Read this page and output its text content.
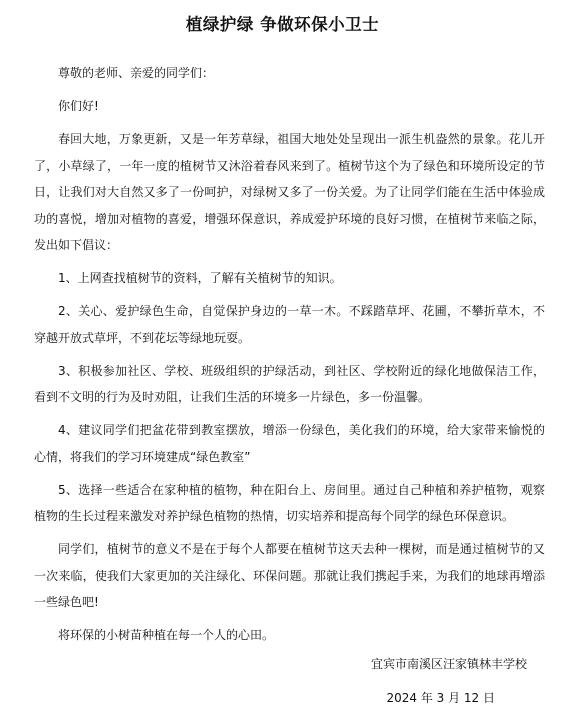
植绿护绿 争做环保小卫士

尊敬的老师、亲爱的同学们：

你们好!

春回大地，万象更新，又是一年芳草绿，祖国大地处处呈现出一派生机盎然的景象。花儿开了，小草绿了，一年一度的植树节又沐浴着春风来到了。植树节这个为了绿色和环境所设定的节日，让我们对大自然又多了一份呵护，对绿树又多了一份关爱。为了让同学们能在生活中体验成功的喜悦，增加对植物的喜爱，增强环保意识，养成爱护环境的良好习惯，在植树节来临之际，发出如下倡议：

1、上网查找植树节的资料，了解有关植树节的知识。

2、关心、爱护绿色生命，自觉保护身边的一草一木。不踩踏草坪、花圃，不攀折草木，不穿越开放式草坪，不到花坛等绿地玩耍。

3、积极参加社区、学校、班级组织的护绿活动，到社区、学校附近的绿化地做保洁工作，看到不文明的行为及时劝阻，让我们生活的环境多一片绿色，多一份温馨。

4、建议同学们把盆花带到教室摆放，增添一份绿色，美化我们的环境，给大家带来愉悦的心情，将我们的学习环境建成“绿色教室”

5、选择一些适合在家种植的植物，种在阳台上、房间里。通过自己种植和养护植物，观察植物的生长过程来激发对养护绿色植物的热情，切实培养和提高每个同学的绿色环保意识。

同学们，植树节的意义不是在于每个人都要在植树节这天去种一棵树，而是通过植树节的又一次来临，使我们大家更加的关注绿化、环保问题。那就让我们携起手来，为我们的地球再增添一些绿色吧!

将环保的小树苗种植在每一个人的心田。

宜宾市南溪区汪家镇林丰学校
2024 年 3 月 12 日
